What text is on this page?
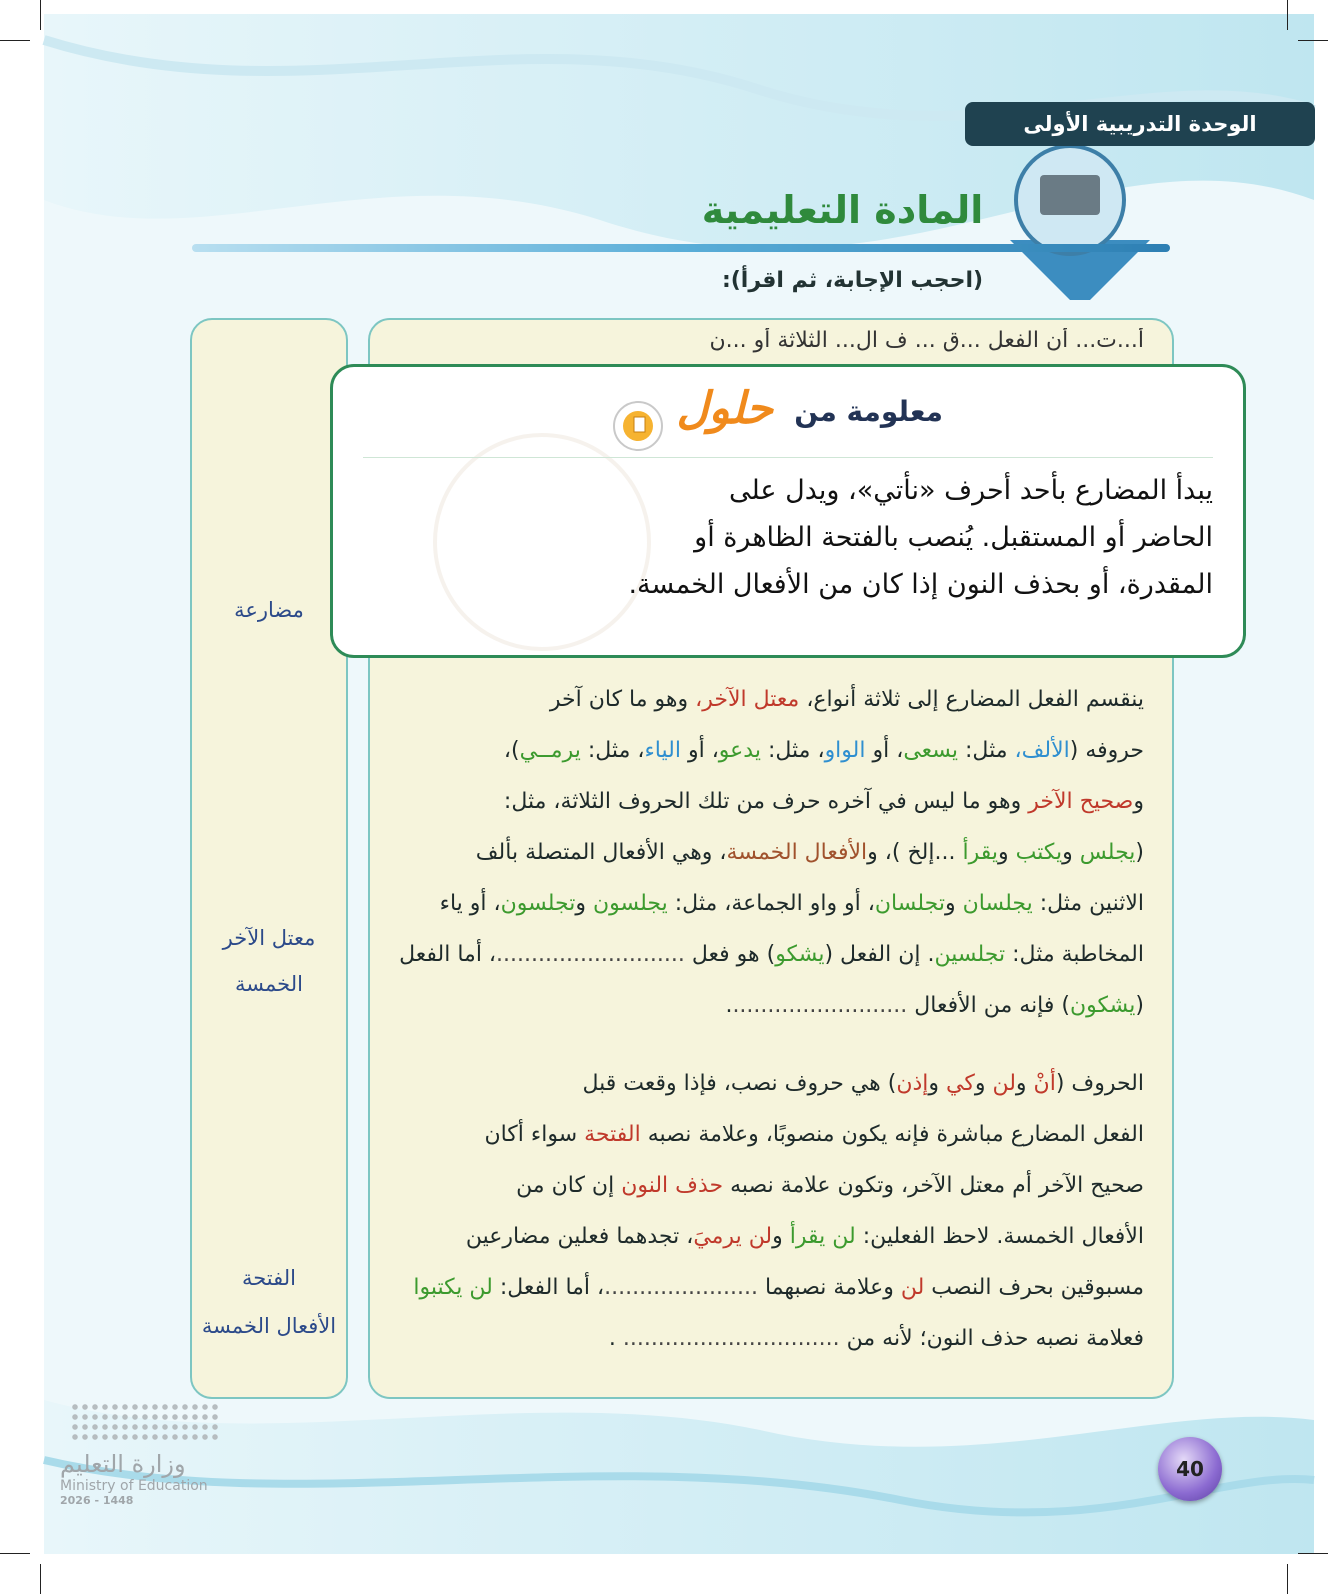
الوحدة التدريبية الأولى
المادة التعليمية
(احجب الإجابة، ثم اقرأ):
مضارعة
معتل الآخر
الخمسة
الفتحة
الأفعال الخمسة
أ...ت... أن الفعل ...ق ... ف ال... الثلاثة أو ...ن
ينقسم الفعل المضارع إلى ثلاثة أنواع، معتل الآخر، وهو ما كان آخر
حروفه (الألف، مثل: يسعى، أو الواو، مثل: يدعو، أو الياء، مثل: يرمــي)،
وصحيح الآخر وهو ما ليس في آخره حرف من تلك الحروف الثلاثة، مثل:
(يجلس ويكتب ويقرأ ...إلخ )، والأفعال الخمسة، وهي الأفعال المتصلة بألف
الاثنين مثل: يجلسان وتجلسان، أو واو الجماعة، مثل: يجلسون وتجلسون، أو ياء
المخاطبة مثل: تجلسين. إن الفعل (يشكو) هو فعل ...........................، أما الفعل
(يشكون) فإنه من الأفعال ..........................
الحروف (أنْ ولن وكي وإذن) هي حروف نصب، فإذا وقعت قبل
الفعل المضارع مباشرة فإنه يكون منصوبًا، وعلامة نصبه الفتحة سواء أكان
صحيح الآخر أم معتل الآخر، وتكون علامة نصبه حذف النون إن كان من
الأفعال الخمسة. لاحظ الفعلين: لن يقرأ ولن يرميَ، تجدهما فعلين مضارعين
مسبوقين بحرف النصب لن وعلامة نصبهما ......................، أما الفعل: لن يكتبوا
فعلامة نصبه حذف النون؛ لأنه من ............................... .
معلومة من
حلول
يبدأ المضارع بأحد أحرف «نأتي»، ويدل على
الحاضر أو المستقبل. يُنصب بالفتحة الظاهرة أو
المقدرة، أو بحذف النون إذا كان من الأفعال الخمسة.
وزارة التعليم
Ministry of Education
2026 - 1448
40
